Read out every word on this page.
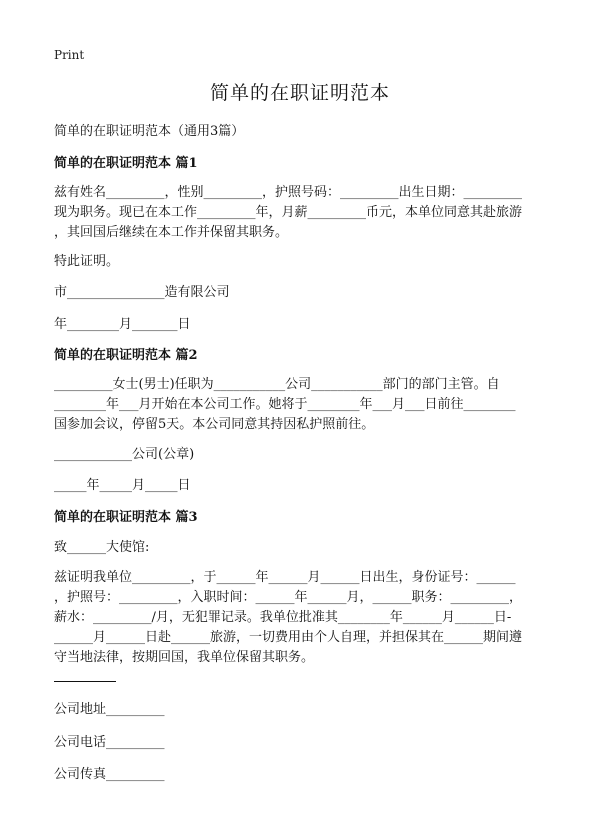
Print
简单的在职证明范本
简单的在职证明范本（通用3篇）
简单的在职证明范本 篇1
兹有姓名_________，性别_________，护照号码：_________出生日期：_________
现为职务。现已在本工作_________年，月薪_________币元，本单位同意其赴旅游
，其回国后继续在本工作并保留其职务。
特此证明。
市_______________造有限公司
年________月_______日
简单的在职证明范本 篇2
_________女士(男士)任职为___________公司___________部门的部门主管。自
________年___月开始在本公司工作。她将于________年___月___日前往________
国参加会议，停留5天。本公司同意其持因私护照前往。
____________公司(公章)
_____年_____月_____日
简单的在职证明范本 篇3
致______大使馆:
兹证明我单位_________，于______年______月______日出生，身份证号：______
，护照号：_________，入职时间：______年______月，______职务：_________，
薪水：_________/月，无犯罪记录。我单位批准其________年______月______日-
______月______日赴______旅游，一切费用由个人自理，并担保其在______期间遵
守当地法律，按期回国，我单位保留其职务。
公司地址_________
公司电话_________
公司传真_________
